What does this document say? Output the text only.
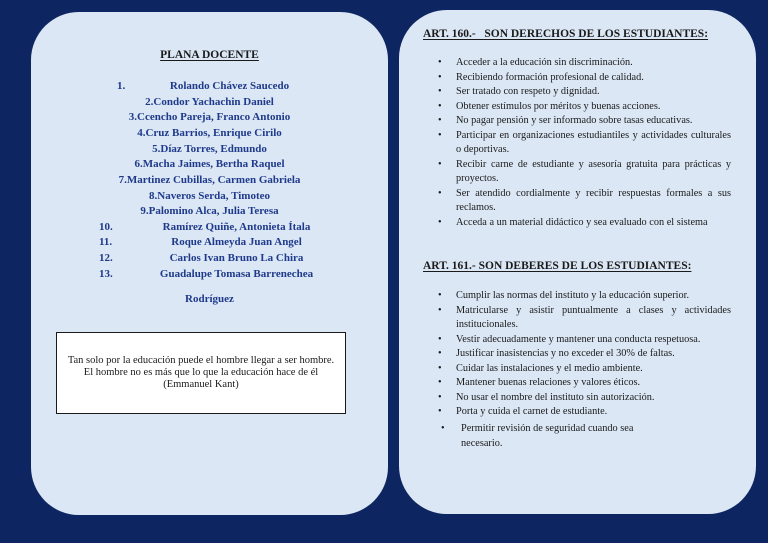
PLANA DOCENTE
Rodríguez
Tan solo por la educación puede el hombre llegar a ser hombre.
El hombre no es más que lo que la educación hace de él
(Emmanuel Kant)
1.	Rolando Chávez Saucedo
2.Condor Yachachin Daniel
3.Ccencho Pareja, Franco Antonio
4.Cruz Barrios, Enrique Cirilo
5.Díaz Torres, Edmundo
6.Macha Jaimes, Bertha Raquel
7.Martinez Cubillas, Carmen Gabriela
8.Naveros Serda, Timoteo
9.Palomino Alca, Julia Teresa
10.	Ramírez Quiñe, Antonieta Ítala
11.	Roque Almeyda Juan Angel
12.	Carlos Ivan Bruno La Chira
13.	Guadalupe Tomasa Barrenechea
ART. 160.-   SON DERECHOS DE LOS ESTUDIANTES:
• Acceder a la educación sin discriminación.
• Recibiendo formación profesional de calidad.
• Ser tratado con respeto y dignidad.
• Obtener estímulos por méritos y buenas acciones.
• No pagar pensión y ser informado sobre tasas educativas.
• Participar en organizaciones estudiantiles y actividades culturales o deportivas.
• Recibir carne de estudiante y asesoría gratuita para prácticas y proyectos.
• Ser atendido cordialmente y recibir respuestas formales a sus reclamos.
• Acceda a un material didáctico y sea evaluado con el sistema
ART. 161.- SON DEBERES DE LOS ESTUDIANTES:
• Cumplir las normas del instituto y la educación superior.
• Matricularse y asistir puntualmente a clases y actividades institucionales.
• Vestir adecuadamente y mantener una conducta respetuosa.
• Justificar inasistencias y no exceder el 30% de faltas.
• Cuidar las instalaciones y el medio ambiente.
• Mantener buenas relaciones y valores éticos.
• No usar el nombre del instituto sin autorización.
• Porta y cuida el carnet de estudiante.
• Permitir revisión de seguridad cuando sea necesario.
